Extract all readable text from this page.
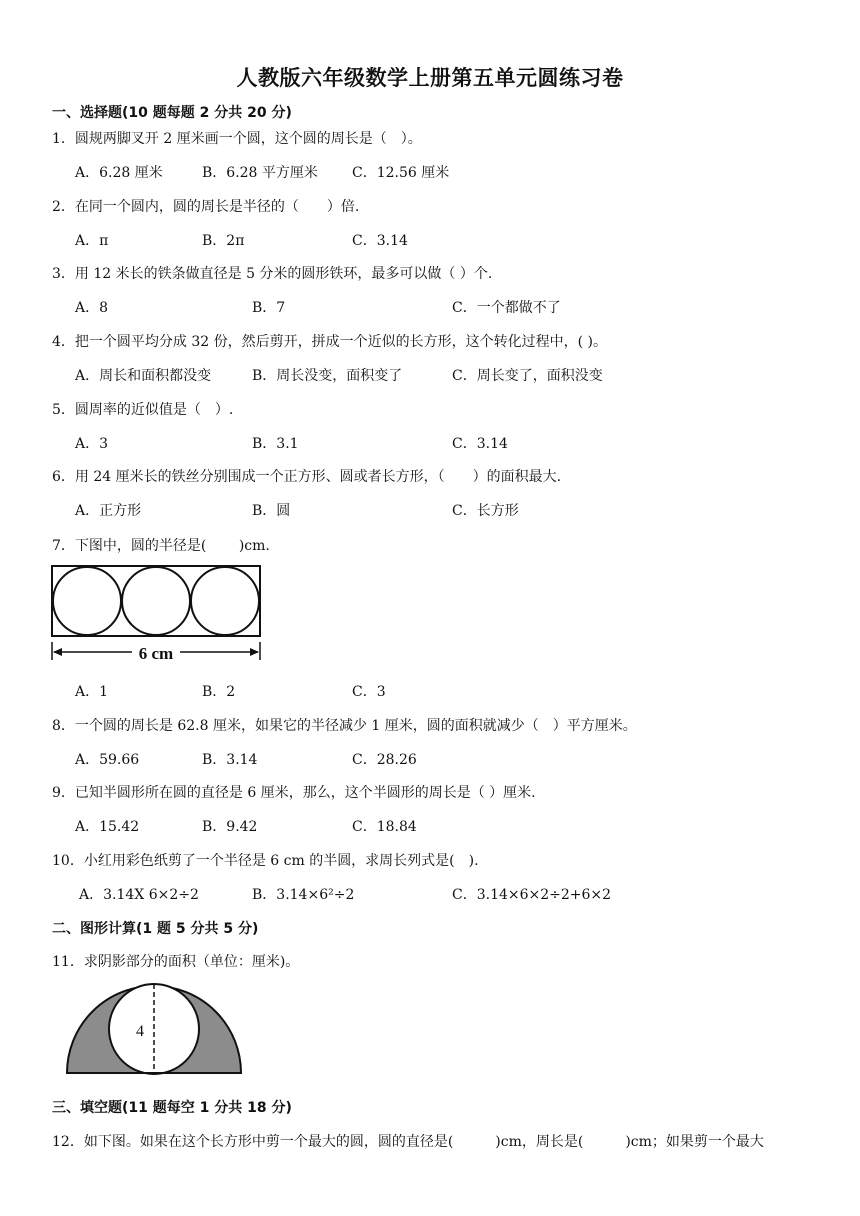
人教版六年级数学上册第五单元圆练习卷
一、选择题(10 题每题 2 分共 20 分)
1．圆规两脚叉开 2 厘米画一个圆，这个圆的周长是（　）。
A．6.28 厘米	B．6.28 平方厘米 C．12.56 厘米
2．在同一个圆内，圆的周长是半径的（　　）倍.
A．π	B．2π	C．3.14
3．用 12 米长的铁条做直径是 5 分米的圆形铁环，最多可以做（ ）个.
A．8	B．7	C．一个都做不了
4．把一个圆平均分成 32 份，然后剪开，拼成一个近似的长方形，这个转化过程中，( )。
A．周长和面积都没变	B．周长没变，面积变了	C．周长变了，面积没变
5．圆周率的近似值是（　）.
A．3	B．3.1	C．3.14
6．用 24 厘米长的铁丝分别围成一个正方形、圆或者长方形，（　　）的面积最大.
A．正方形	B．圆	C．长方形
7．下图中，圆的半径是(　　 )cm.
6 cm
A．1	B．2	C．3
8．一个圆的周长是 62.8 厘米，如果它的半径减少 1 厘米，圆的面积就减少（　）平方厘米。
A．59.66	B．3.14	C．28.26
9．已知半圆形所在圆的直径是 6 厘米，那么，这个半圆形的周长是（ ）厘米.
A．15.42	B．9.42	C．18.84
10．小红用彩色纸剪了一个半径是 6 cm 的半圆，求周长列式是(　).
A．3.14X 6×2÷2	B．3.14×6²÷2	C．3.14×6×2÷2+6×2
二、图形计算(1 题 5 分共 5 分)
11．求阴影部分的面积（单位：厘米)。
4
三、填空题(11 题每空 1 分共 18 分)
12．如下图。如果在这个长方形中剪一个最大的圆，圆的直径是(　　　)cm，周长是(　　　)cm；如果剪一个最大
